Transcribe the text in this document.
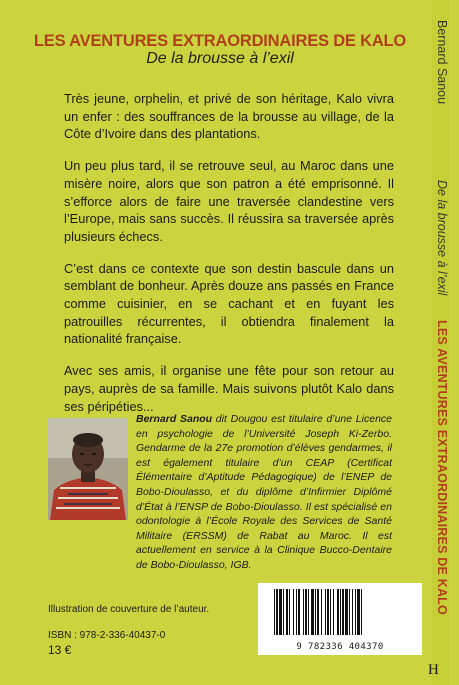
LES AVENTURES EXTRAORDINAIRES DE KALO
De la brousse à l’exil
Bernard Sanou
LES AVENTURES EXTRAORDINAIRES DE KALO
De la brousse à l’exil

Très jeune, orphelin, et privé de son héritage, Kalo vivra un enfer : des souffrances de la brousse au village, de la Côte d’Ivoire dans des plantations.

Un peu plus tard, il se retrouve seul, au Maroc dans une misère noire, alors que son patron a été emprisonné. Il s’efforce alors de faire une traversée clandestine vers l’Europe, mais sans succès. Il réussira sa traversée après plusieurs échecs.

C’est dans ce contexte que son destin bascule dans un semblant de bonheur. Après douze ans passés en France comme cuisinier, en se cachant et en fuyant les patrouilles récurrentes, il obtiendra finalement la nationalité française.

Avec ses amis, il organise une fête pour son retour au pays, auprès de sa famille. Mais suivons plutôt Kalo dans ses péripéties...

Bernard Sanou dit Dougou est titulaire d’une Licence en psychologie de l’Université Joseph Ki-Zerbo. Gendarme de la 27e promotion d’élèves gendarmes, il est également titulaire d’un CEAP (Certificat Élémentaire d’Aptitude Pédagogique) de l’ENEP de Bobo-Dioulasso, et du diplôme d’Infirmier Diplômé d’État à l’ENSP de Bobo-Dioulasso. Il est spécialisé en odontologie à l’École Royale des Services de Santé Militaire (ERSSM) de Rabat au Maroc. Il est actuellement en service à la Clinique Bucco-Dentaire de Bobo-Dioulasso, IGB.
Illustration de couverture de l’auteur.
ISBN : 978-2-336-40437-0
13 €	9 782336 404370
H
